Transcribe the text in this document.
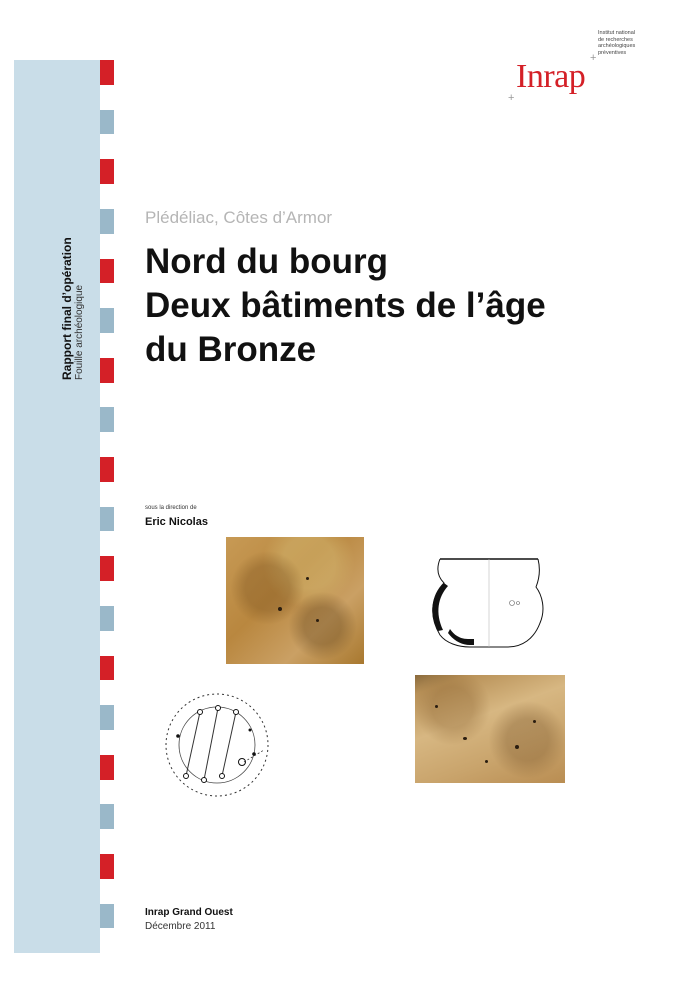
Rapport final d’opération Fouille archéologique
Institut national
de recherches
archéologiques
préventives
+
+
Inrap
Plédéliac, Côtes d’Armor
Nord du bourg
Deux bâtiments de l’âge
du Bronze
sous la direction de
Eric Nicolas
Inrap Grand Ouest
Décembre 2011
